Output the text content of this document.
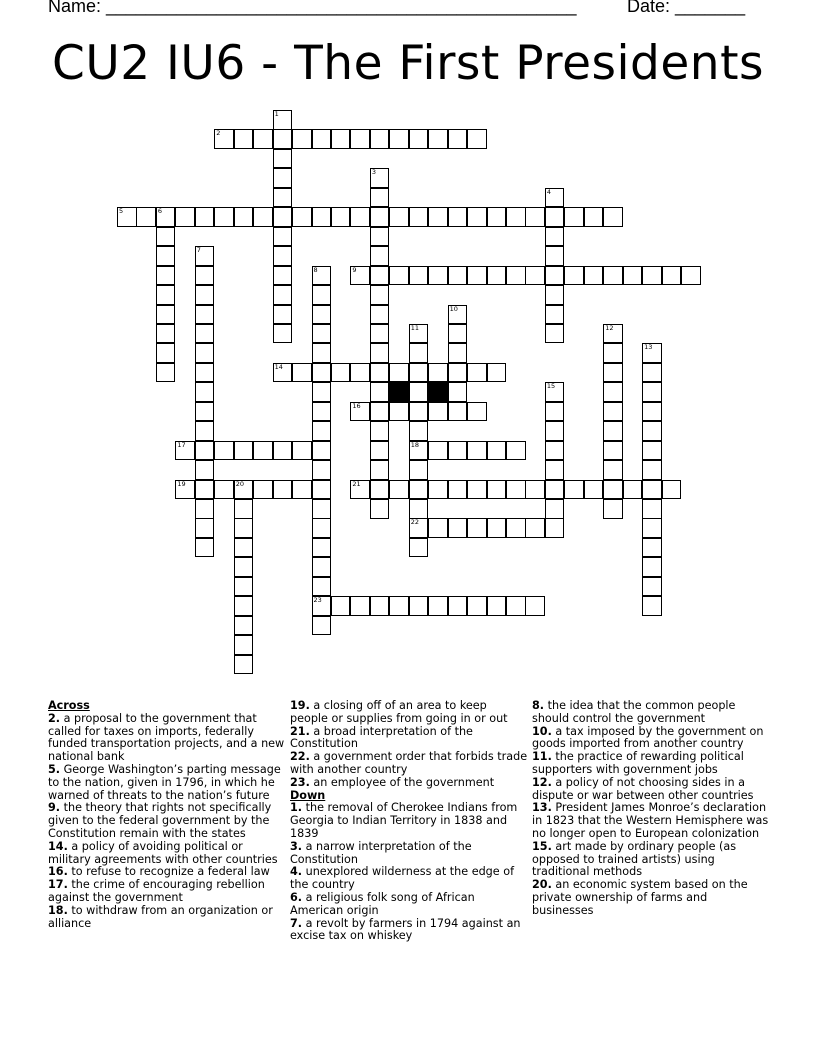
Name: _______________________________________________	Date: _______
CU2 IU6 - The First Presidents
1
2
3
4
5	6
7
8
23
9
10
11
18
22
12
13
14
15
16
17
19	20	21
Across
2. a proposal to the government that called for taxes on imports, federally funded transportation projects, and a new national bank
5. George Washington’s parting message to the nation, given in 1796, in which he warned of threats to the nation’s future
9. the theory that rights not specifically given to the federal government by the Constitution remain with the states
14. a policy of avoiding political or military agreements with other countries
16. to refuse to recognize a federal law
17. the crime of encouraging rebellion against the government
18. to withdraw from an organization or alliance
19. a closing off of an area to keep people or supplies from going in or out
21. a broad interpretation of the Constitution
22. a government order that forbids trade with another country
23. an employee of the government
Down
1. the removal of Cherokee Indians from Georgia to Indian Territory in 1838 and 1839
3. a narrow interpretation of the Constitution
4. unexplored wilderness at the edge of the country
6. a religious folk song of African American origin
7. a revolt by farmers in 1794 against an excise tax on whiskey
8. the idea that the common people should control the government
10. a tax imposed by the government on goods imported from another country
11. the practice of rewarding political supporters with government jobs
12. a policy of not choosing sides in a dispute or war between other countries
13. President James Monroe’s declaration in 1823 that the Western Hemisphere was no longer open to European colonization
15. art made by ordinary people (as opposed to trained artists) using traditional methods
20. an economic system based on the private ownership of farms and businesses
